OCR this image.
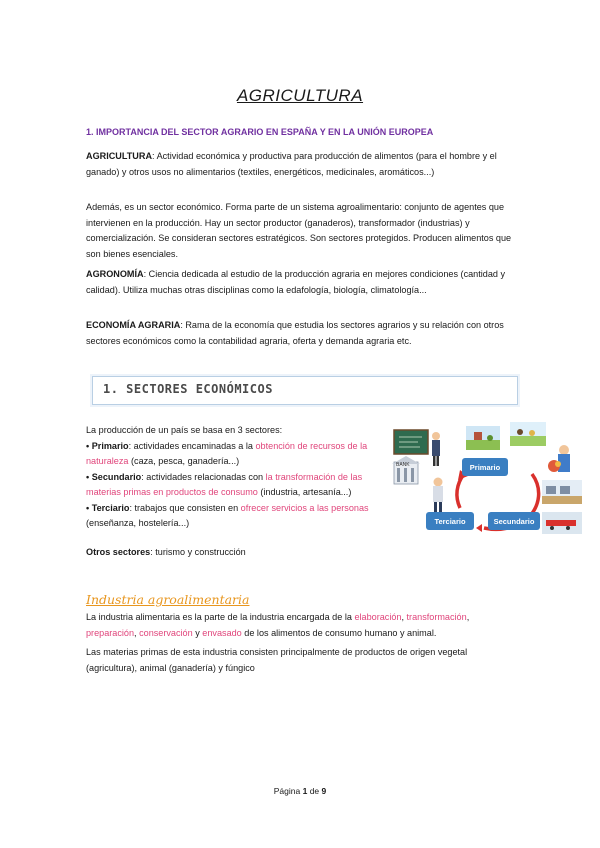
AGRICULTURA
1. IMPORTANCIA DEL SECTOR AGRARIO EN ESPAÑA Y EN LA UNIÓN EUROPEA

AGRICULTURA: Actividad económica y productiva para producción de alimentos (para el hombre y el ganado) y otros usos no alimentarios (textiles, energéticos, medicinales, aromáticos...)

Además, es un sector económico. Forma parte de un sistema agroalimentario: conjunto de agentes que intervienen en la producción. Hay un sector productor (ganaderos), transformador (industrias) y comercialización. Se consideran sectores estratégicos. Son sectores protegidos. Producen alimentos que son bienes esenciales.

AGRONOMÍA: Ciencia dedicada al estudio de la producción agraria en mejores condiciones (cantidad y calidad). Utiliza muchas otras disciplinas como la edafología, biología, climatología...

ECONOMÍA AGRARIA: Rama de la economía que estudia los sectores agrarios y su relación con otros sectores económicos como la contabilidad agraria, oferta y demanda agraria etc.

1. SECTORES ECONÓMICOS
La producción de un país se basa en 3 sectores:
• Primario: actividades encaminadas a la obtención de recursos de la naturaleza (caza, pesca, ganadería...)
• Secundario: actividades relacionadas con la transformación de las materias primas en productos de consumo (industria, artesanía...)
• Terciario: trabajos que consisten en ofrecer servicios a las personas (enseñanza, hostelería...)
Otros sectores: turismo y construcción
BANK	Primario
Terciario	Secundario
Industria agroalimentaria

La industria alimentaria es la parte de la industria encargada de la elaboración, transformación, preparación, conservación y envasado de los alimentos de consumo humano y animal.

Las materias primas de esta industria consisten principalmente de productos de origen vegetal (agricultura), animal (ganadería) y fúngico

Página 1 de 9
